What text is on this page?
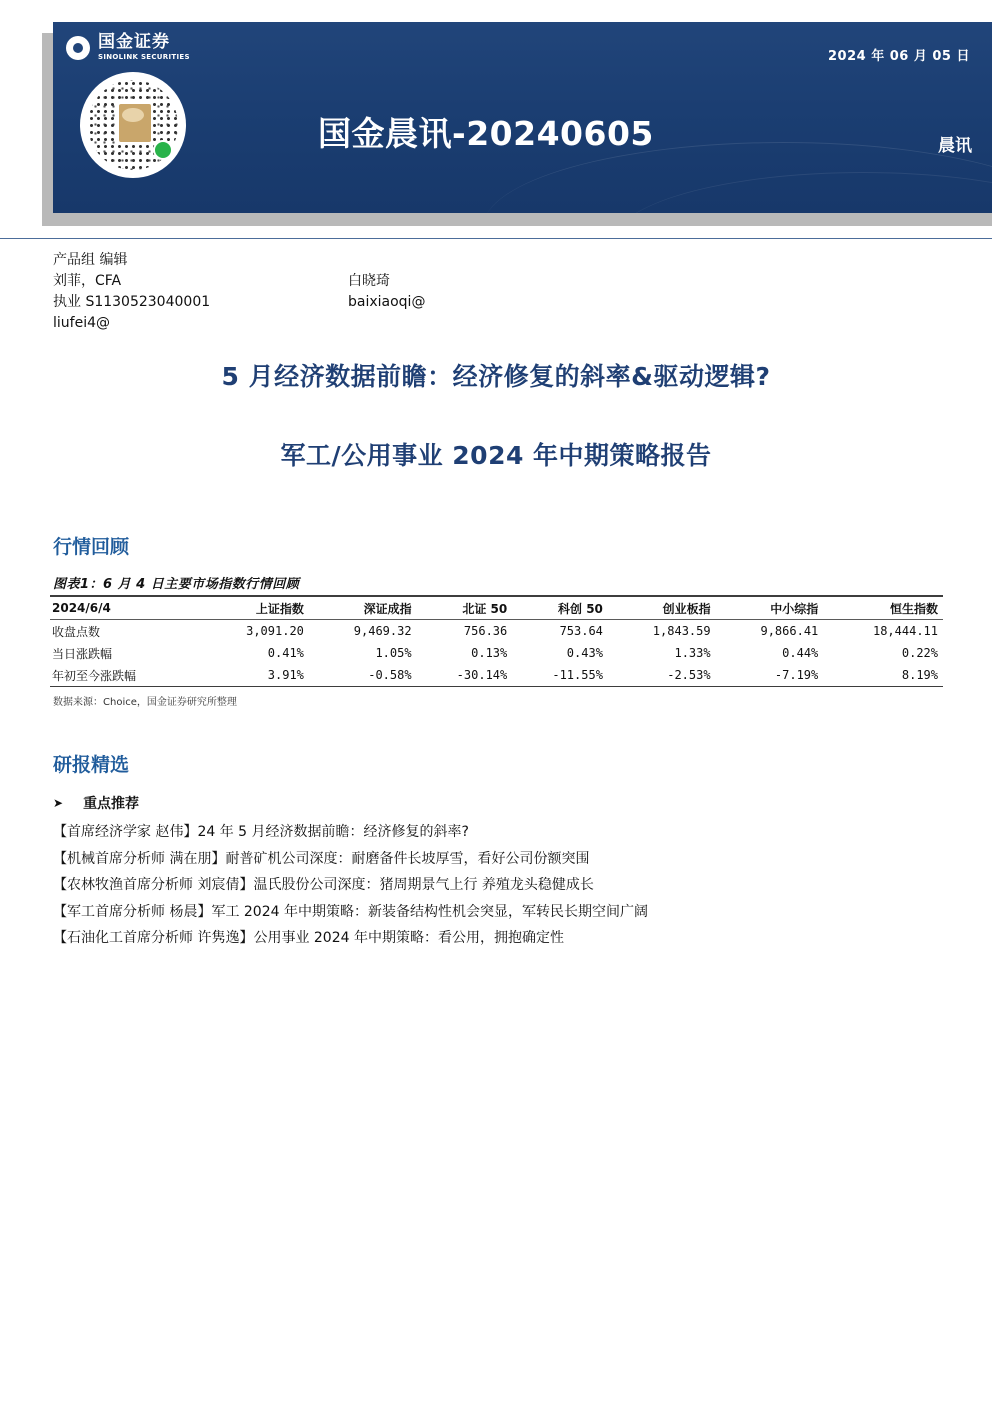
国金证券
SINOLINK SECURITIES	2024 年 06 月 05 日
国金晨讯-20240605	晨讯
产品组 编辑
刘菲，CFA
执业 S1130523040001
liufei4@
白晓琦
baixiaoqi@
5 月经济数据前瞻：经济修复的斜率&驱动逻辑?
军工/公用事业 2024 年中期策略报告
行情回顾
图表1：6 月 4 日主要市场指数行情回顾
2024/6/4	上证指数	深证成指	北证 50	科创 50	创业板指	中小综指	恒生指数
收盘点数	3,091.20	9,469.32	756.36	753.64	1,843.59	9,866.41	18,444.11
当日涨跌幅	0.41%	1.05%	0.13%	0.43%	1.33%	0.44%	0.22%
年初至今涨跌幅	3.91%	-0.58%	-30.14%	-11.55%	-2.53%	-7.19%	8.19%
数据来源：Choice，国金证券研究所整理
研报精选
➤ 重点推荐
【首席经济学家 赵伟】24 年 5 月经济数据前瞻：经济修复的斜率?
【机械首席分析师 满在朋】耐普矿机公司深度：耐磨备件长坡厚雪，看好公司份额突围
【农林牧渔首席分析师 刘宸倩】温氏股份公司深度：猪周期景气上行 养殖龙头稳健成长
【军工首席分析师 杨晨】军工 2024 年中期策略：新装备结构性机会突显，军转民长期空间广阔
【石油化工首席分析师 许隽逸】公用事业 2024 年中期策略：看公用，拥抱确定性
